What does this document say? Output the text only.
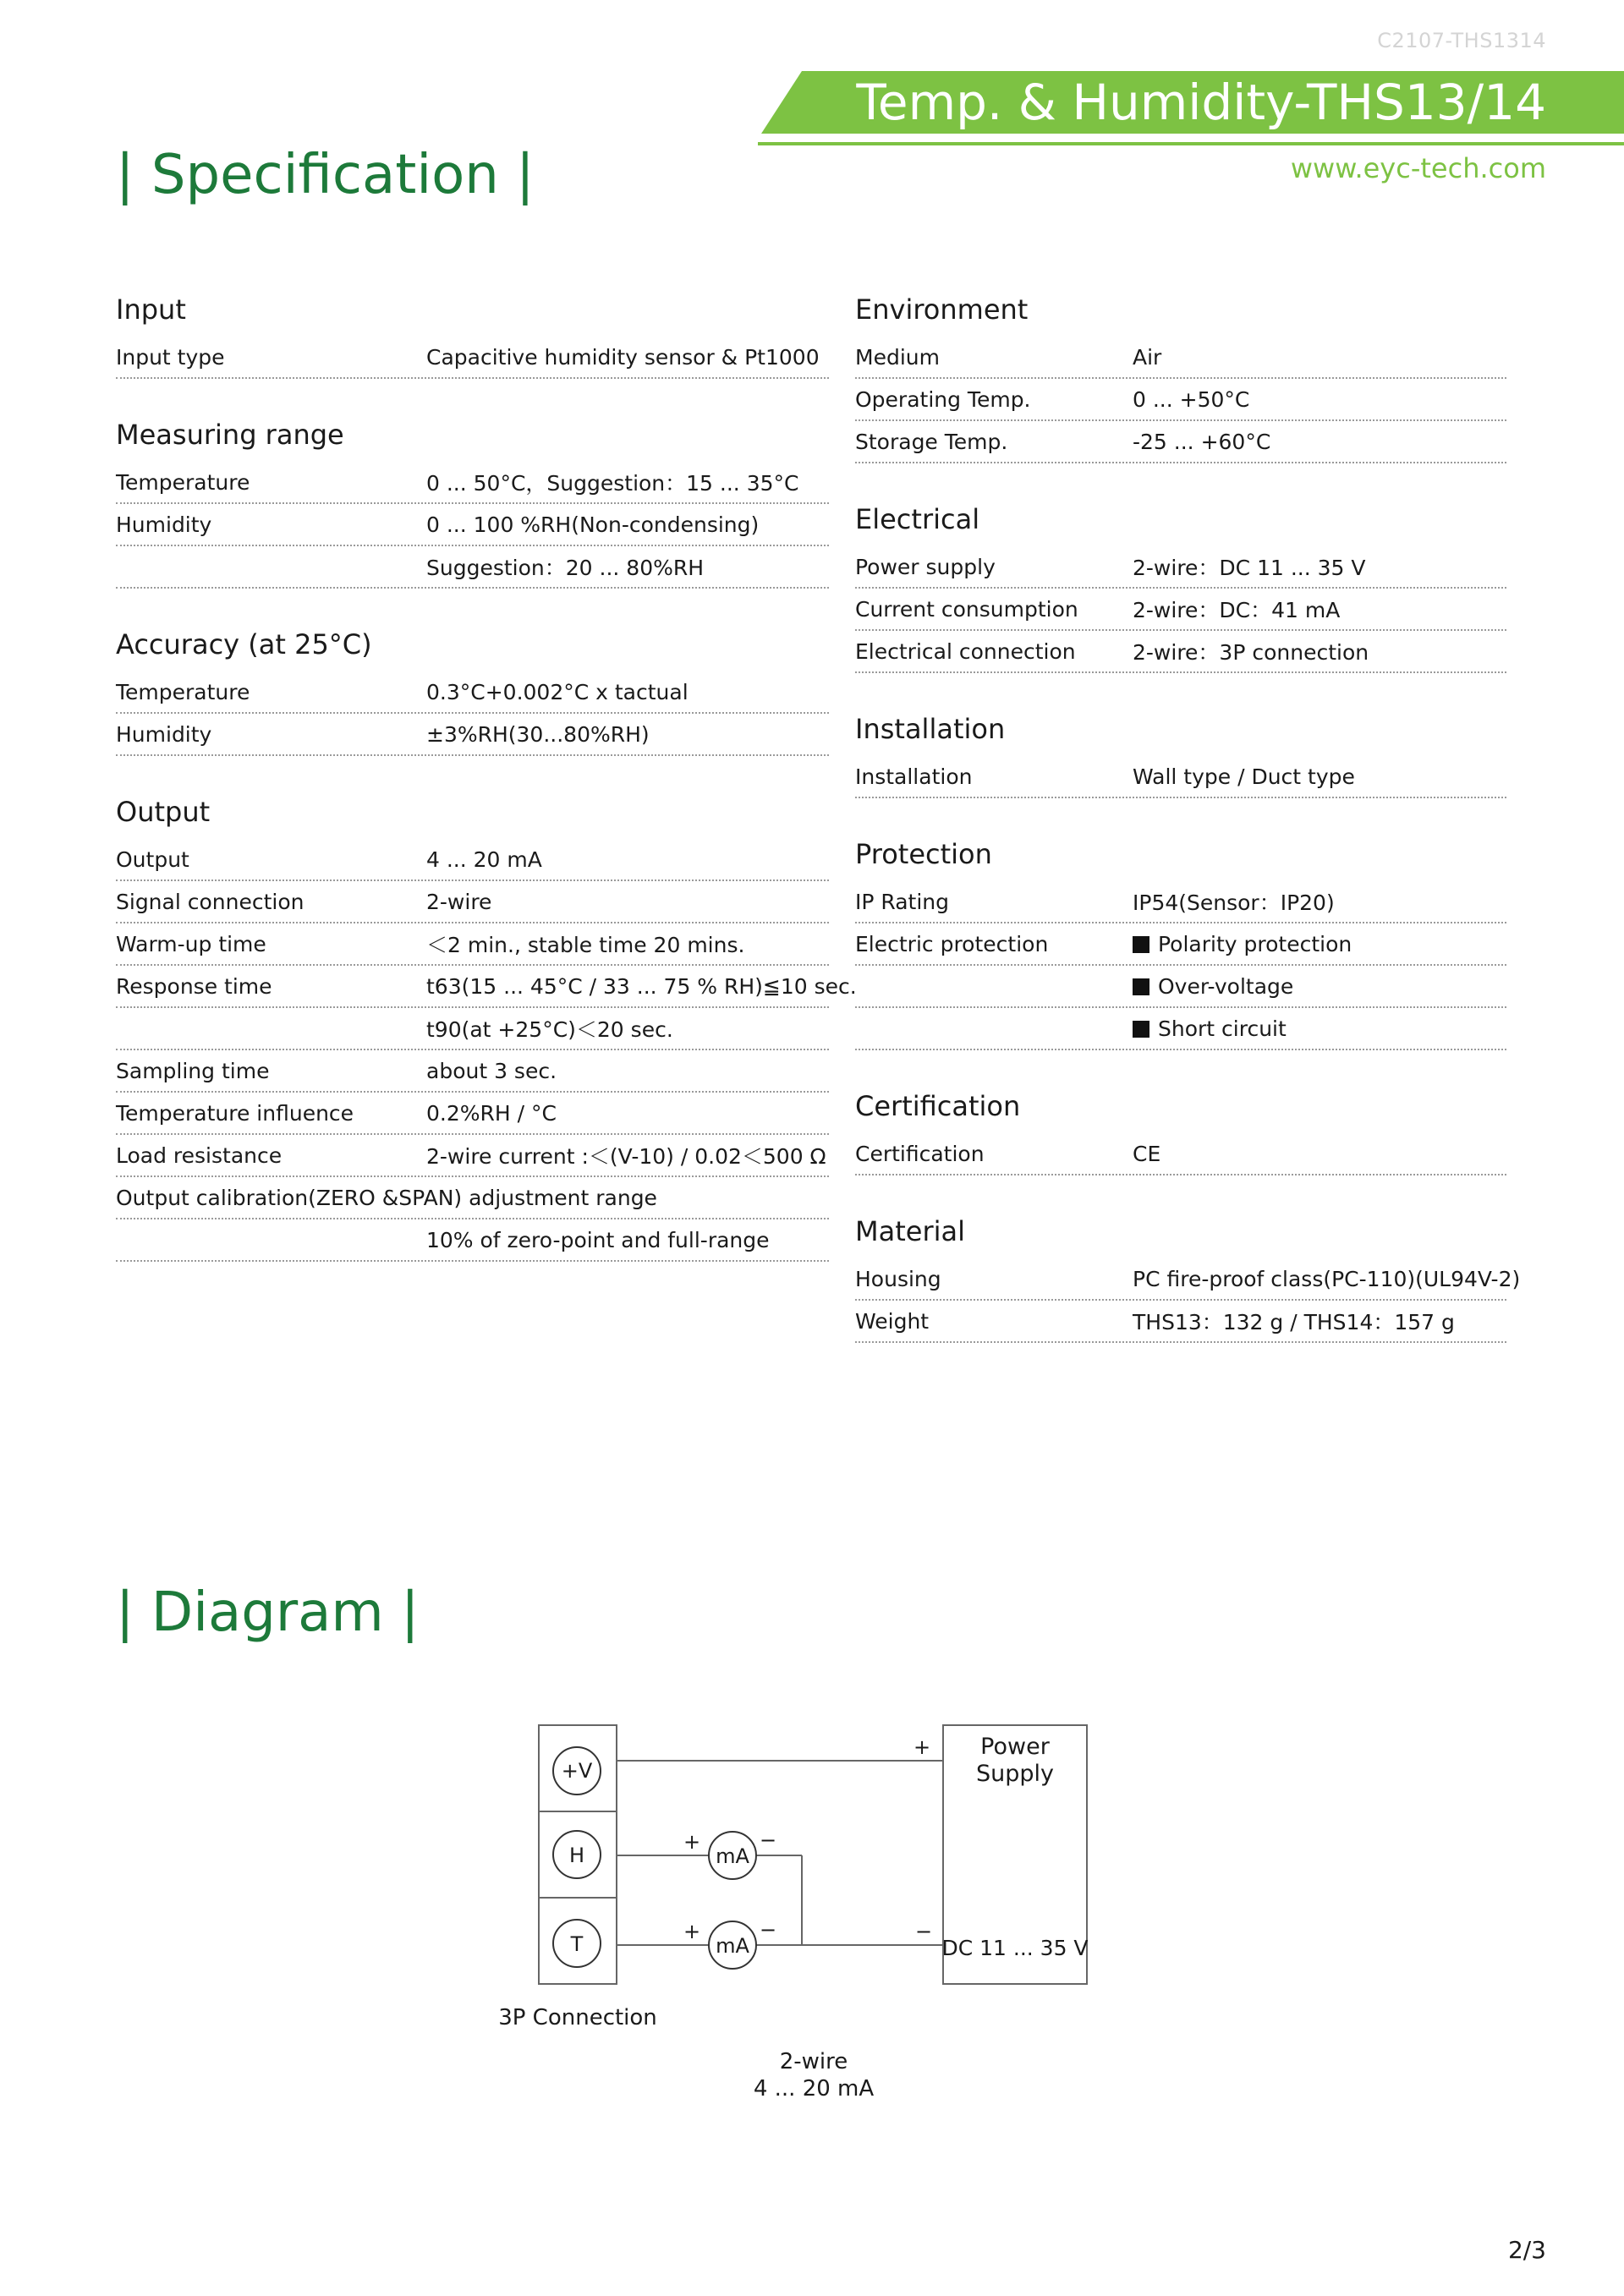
C2107-THS1314
Temp. & Humidity-THS13/14
www.eyc-tech.com
| Specification |
Input
Input type	Capacitive humidity sensor & Pt1000
Measuring range
Temperature	0 ... 50°C，Suggestion：15 ... 35°C
Humidity	0 ... 100 %RH(Non-condensing)
Suggestion：20 ... 80%RH
Accuracy (at 25°C)
Temperature	0.3°C+0.002°C x tactual
Humidity	±3%RH(30...80%RH)
Output
Output	4 ... 20 mA
Signal connection	2-wire
Warm-up time	＜2 min., stable time 20 mins.
Response time	t63(15 ... 45°C / 33 ... 75 % RH)≦10 sec.
t90(at +25°C)＜20 sec.
Sampling time	about 3 sec.
Temperature influence	0.2%RH / °C
Load resistance	2-wire current :＜(V-10) / 0.02＜500 Ω
Output calibration(ZERO &SPAN) adjustment range
10% of zero-point and full-range
Environment
Medium	Air
Operating Temp.	0 ... +50°C
Storage Temp.	-25 ... +60°C
Electrical
Power supply	2-wire：DC 11 ... 35 V
Current consumption	2-wire：DC：41 mA
Electrical connection	2-wire：3P connection
Installation
Installation	Wall type / Duct type
Protection
IP Rating	IP54(Sensor：IP20)
Electric protection	Polarity protection
Over-voltage
Short circuit
Certification
Certification	CE
Material
Housing	PC fire-proof class(PC-110)(UL94V-2)
Weight	THS13：132 g / THS14：157 g
| Diagram |
+V
H
T
mA
mA
+	−
+	−
+
−
Power
Supply
DC 11 ... 35 V
3P Connection
2-wire
4 ... 20 mA
2/3
